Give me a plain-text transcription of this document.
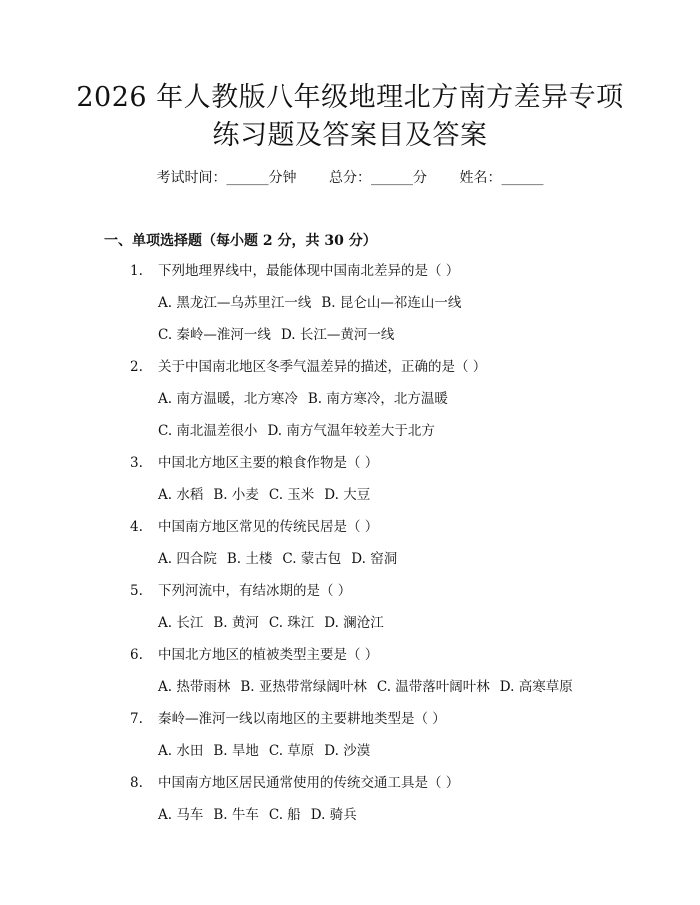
2026 年人教版八年级地理北方南方差异专项
练习题及答案目及答案
考试时间：______分钟 总分：______分 姓名：______
一、单项选择题（每小题 2 分，共 30 分）
1. 下列地理界线中，最能体现中国南北差异的是（ ）
A. 黑龙江—乌苏里江一线 B. 昆仑山—祁连山一线
C. 秦岭—淮河一线 D. 长江—黄河一线
2. 关于中国南北地区冬季气温差异的描述，正确的是（ ）
A. 南方温暖，北方寒冷 B. 南方寒冷，北方温暖
C. 南北温差很小 D. 南方气温年较差大于北方
3. 中国北方地区主要的粮食作物是（ ）
A. 水稻 B. 小麦 C. 玉米 D. 大豆
4. 中国南方地区常见的传统民居是（ ）
A. 四合院 B. 土楼 C. 蒙古包 D. 窑洞
5. 下列河流中，有结冰期的是（ ）
A. 长江 B. 黄河 C. 珠江 D. 澜沧江
6. 中国北方地区的植被类型主要是（ ）
A. 热带雨林 B. 亚热带常绿阔叶林 C. 温带落叶阔叶林 D. 高寒草原
7. 秦岭—淮河一线以南地区的主要耕地类型是（ ）
A. 水田 B. 旱地 C. 草原 D. 沙漠
8. 中国南方地区居民通常使用的传统交通工具是（ ）
A. 马车 B. 牛车 C. 船 D. 骑兵
